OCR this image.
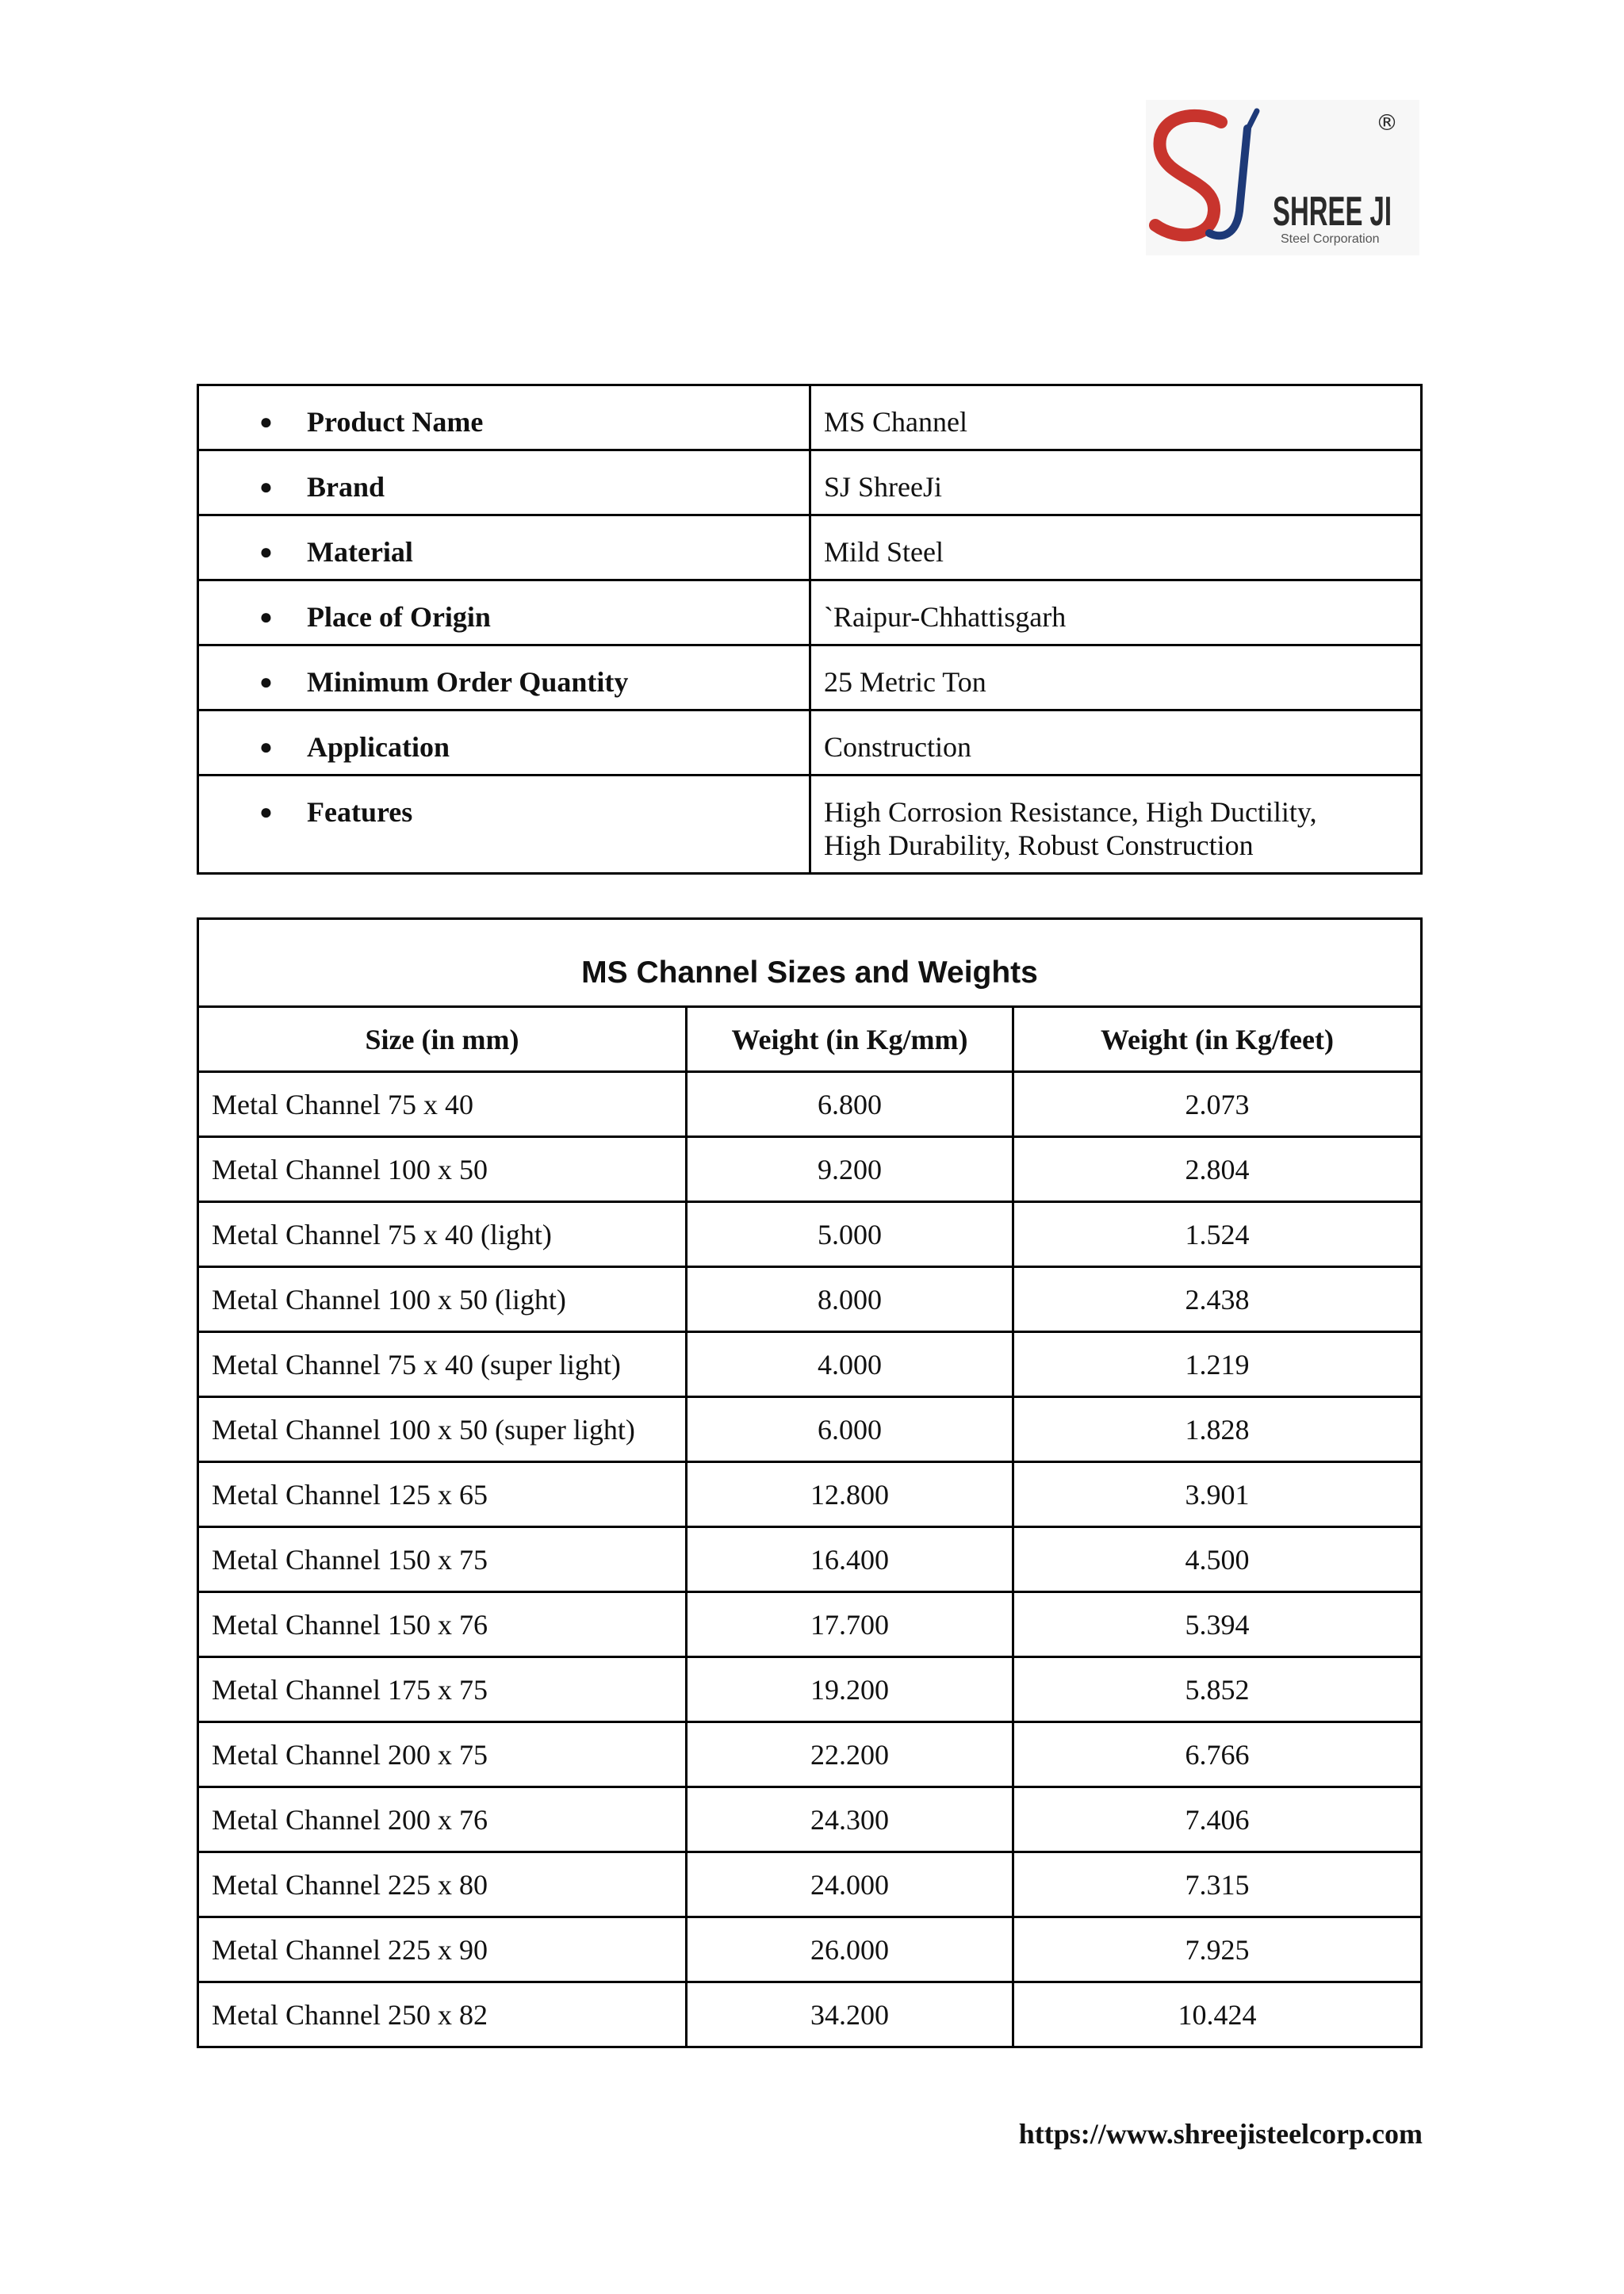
SHREE JI
Steel Corporation
®
● Product Name	MS Channel

● Brand	SJ ShreeJi

● Material	Mild Steel

● Place of Origin	`Raipur-Chhattisgarh

● Minimum Order Quantity	25 Metric Ton

● Application	Construction

● Features	High Corrosion Resistance, High Ductility,
High Durability, Robust Construction
MS Channel Sizes and Weights		
Size (in mm)	Weight (in Kg/mm)	Weight (in Kg/feet)
Metal Channel 75 x 40	6.800	2.073
Metal Channel 100 x 50	9.200	2.804
Metal Channel 75 x 40 (light)	5.000	1.524
Metal Channel 100 x 50 (light)	8.000	2.438
Metal Channel 75 x 40 (super light)	4.000	1.219
Metal Channel 100 x 50 (super light)	6.000	1.828
Metal Channel 125 x 65	12.800	3.901
Metal Channel 150 x 75	16.400	4.500
Metal Channel 150 x 76	17.700	5.394
Metal Channel 175 x 75	19.200	5.852
Metal Channel 200 x 75	22.200	6.766
Metal Channel 200 x 76	24.300	7.406
Metal Channel 225 x 80	24.000	7.315
Metal Channel 225 x 90	26.000	7.925
Metal Channel 250 x 82	34.200	10.424
https://www.shreejisteelcorp.com
